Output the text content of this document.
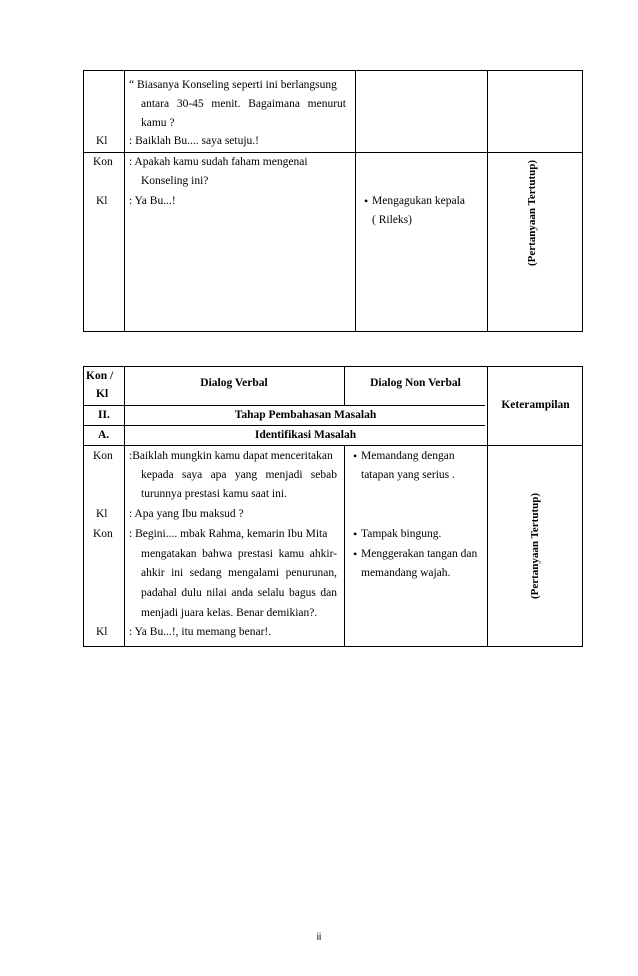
Kl
“ Biasanya Konseling seperti ini berlangsung
antara 30-45 menit. Bagaimana menurut
kamu ?
: Baiklah Bu.... saya setuju.!
Kon
Kl
: Apakah kamu sudah faham mengenai
Konseling ini?
: Ya Bu...!
•	Mengagukan kepala
( Rileks)	(Pertanyaan Tertutup)
Kon /
Kl
Dialog Verbal	Dialog Non Verbal
Keterampilan
II.	Tahap Pembahasan Masalah
A.	Identifikasi Masalah
Kon
Kl
Kon
Kl
:Baiklah mungkin kamu dapat menceritakan
kepada saya apa yang menjadi sebab
turunnya prestasi kamu saat ini.
: Apa yang Ibu maksud ?
: Begini.... mbak Rahma, kemarin Ibu Mita
mengatakan bahwa prestasi kamu ahkir-
ahkir ini sedang mengalami penurunan,
padahal dulu nilai anda selalu bagus dan
menjadi juara kelas. Benar demikian?.
: Ya Bu...!, itu memang benar!.
• Memandang dengan
tatapan yang serius .
• Tampak bingung.
• Menggerakan tangan dan
memandang wajah.	(Pertanyaan Tertutup)
ii
